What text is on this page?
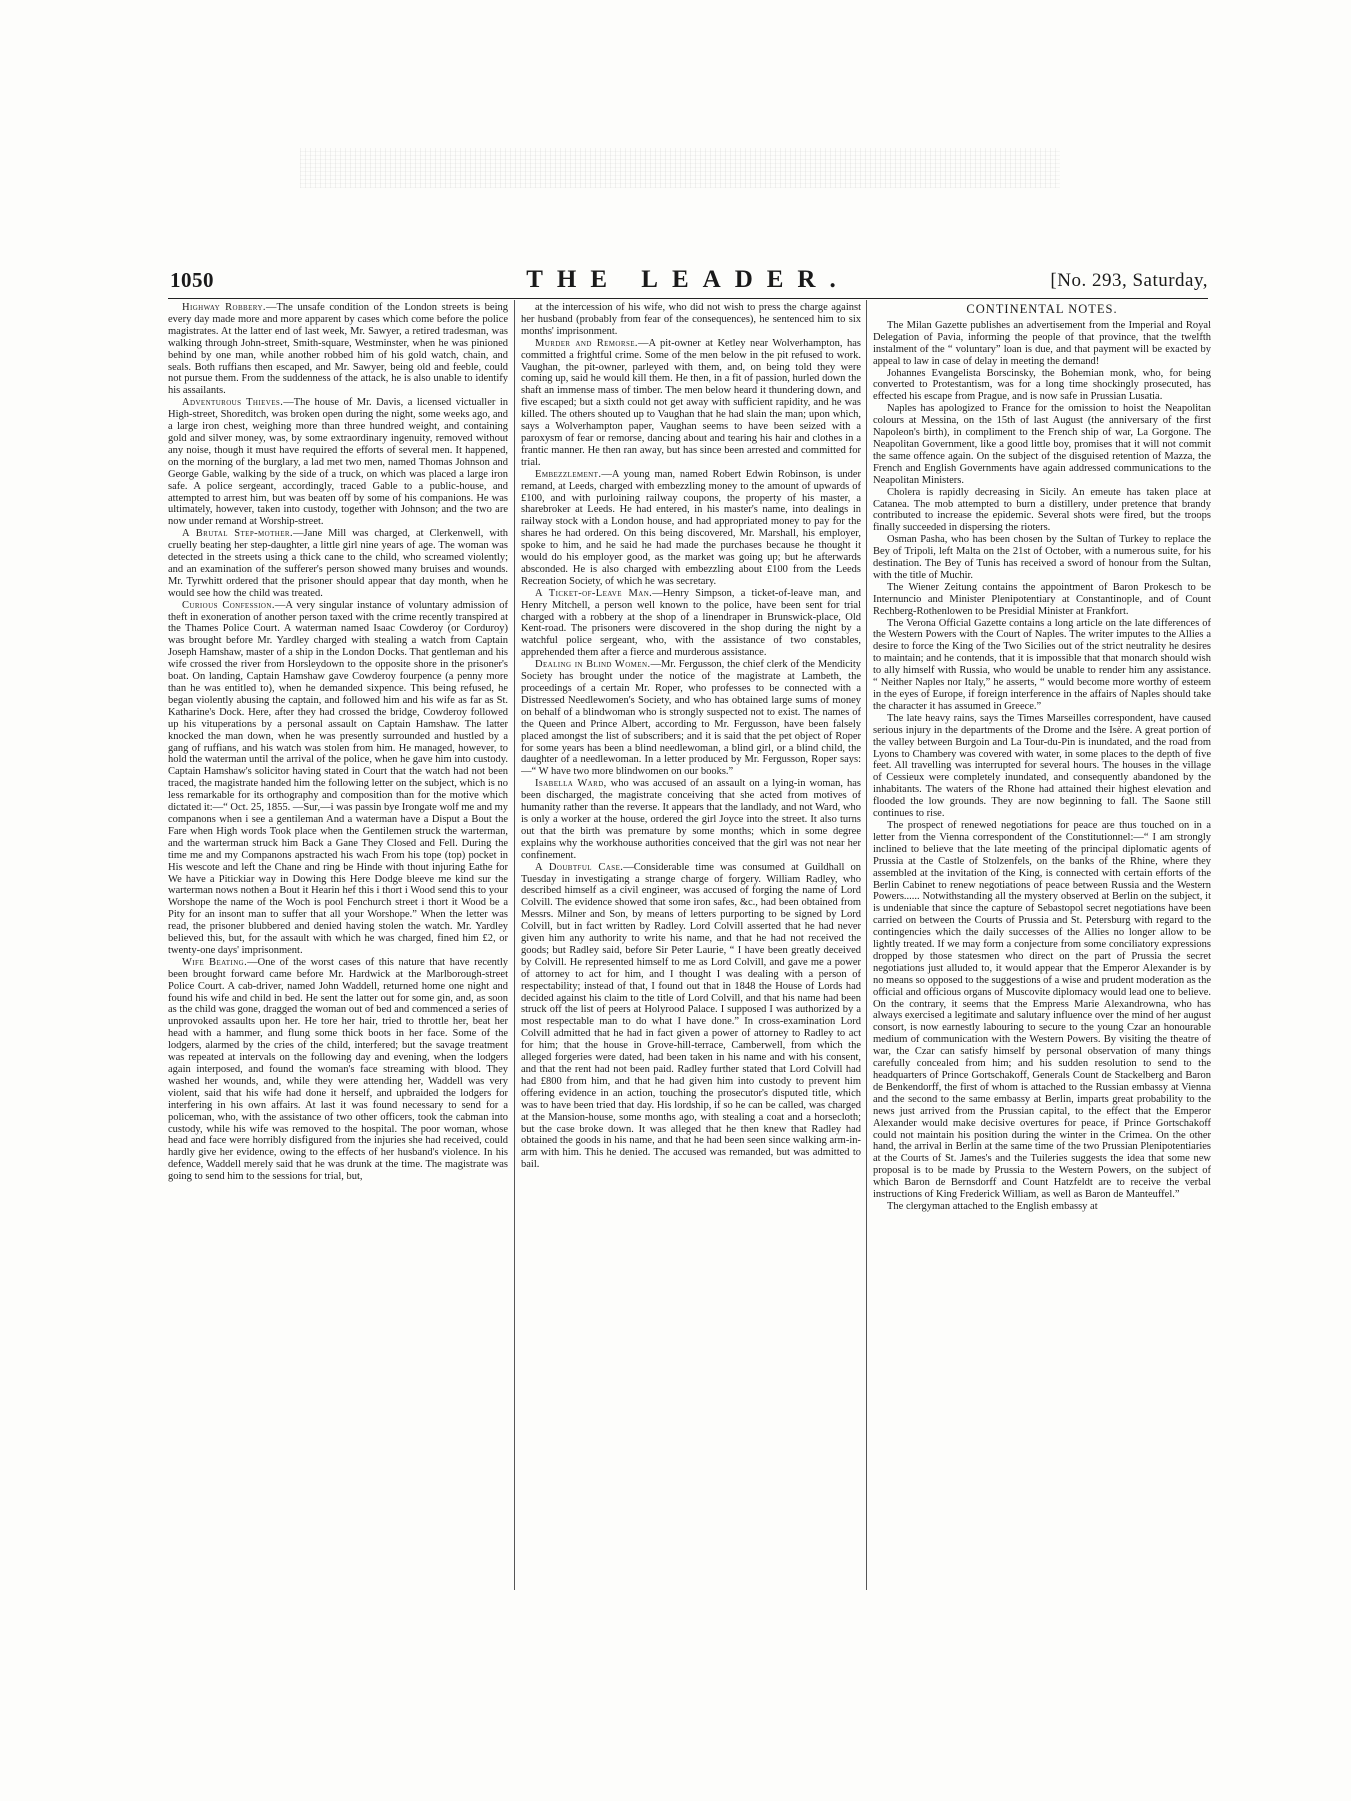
1050	THE LEADER.	[No. 293, Saturday,

Highway Robbery.—The unsafe condition of the London streets is being every day made more and more apparent by cases which come before the police magistrates. At the latter end of last week, Mr. Sawyer, a retired tradesman, was walking through John-street, Smith-square, Westminster, when he was pinioned behind by one man, while another robbed him of his gold watch, chain, and seals. Both ruffians then escaped, and Mr. Sawyer, being old and feeble, could not pursue them. From the suddenness of the attack, he is also unable to identify his assailants.

Adventurous Thieves.—The house of Mr. Davis, a licensed victualler in High-street, Shoreditch, was broken open during the night, some weeks ago, and a large iron chest, weighing more than three hundred weight, and containing gold and silver money, was, by some extraordinary ingenuity, removed without any noise, though it must have required the efforts of several men. It happened, on the morning of the burglary, a lad met two men, named Thomas Johnson and George Gable, walking by the side of a truck, on which was placed a large iron safe. A police sergeant, accordingly, traced Gable to a public-house, and attempted to arrest him, but was beaten off by some of his companions. He was ultimately, however, taken into custody, together with Johnson; and the two are now under remand at Worship-street.

A Brutal Step-mother.—Jane Mill was charged, at Clerkenwell, with cruelly beating her step-daughter, a little girl nine years of age. The woman was detected in the streets using a thick cane to the child, who screamed violently; and an examination of the sufferer's person showed many bruises and wounds. Mr. Tyrwhitt ordered that the prisoner should appear that day month, when he would see how the child was treated.

Curious Confession.—A very singular instance of voluntary admission of theft in exoneration of another person taxed with the crime recently transpired at the Thames Police Court. A waterman named Isaac Cowderoy (or Corduroy) was brought before Mr. Yardley charged with stealing a watch from Captain Joseph Hamshaw, master of a ship in the London Docks. That gentleman and his wife crossed the river from Horsleydown to the opposite shore in the prisoner's boat. On landing, Captain Hamshaw gave Cowderoy fourpence (a penny more than he was entitled to), when he demanded sixpence. This being refused, he began violently abusing the captain, and followed him and his wife as far as St. Katharine's Dock. Here, after they had crossed the bridge, Cowderoy followed up his vituperations by a personal assault on Captain Hamshaw. The latter knocked the man down, when he was presently surrounded and hustled by a gang of ruffians, and his watch was stolen from him. He managed, however, to hold the waterman until the arrival of the police, when he gave him into custody. Captain Hamshaw's solicitor having stated in Court that the watch had not been traced, the magistrate handed him the following letter on the subject, which is no less remarkable for its orthography and composition than for the motive which dictated it:—“ Oct. 25, 1855. —Sur,—i was passin bye Irongate wolf me and my companons when i see a gentileman And a waterman have a Disput a Bout the Fare when High words Took place when the Gentilemen struck the warterman, and the warterman struck him Back a Gane They Closed and Fell. During the time me and my Companons apstracted his wach From his tope (top) pocket in His wescote and left the Chane and ring be Hinde with thout injuring Eathe for We have a Pitickiar way in Dowing this Here Dodge bleeve me kind sur the warterman nows nothen a Bout it Hearin hef this i thort i Wood send this to your Worshope the name of the Woch is pool Fenchurch street i thort it Wood be a Pity for an insont man to suffer that all your Worshope.” When the letter was read, the prisoner blubbered and denied having stolen the watch. Mr. Yardley believed this, but, for the assault with which he was charged, fined him £2, or twenty-one days' imprisonment.

Wife Beating.—One of the worst cases of this nature that have recently been brought forward came before Mr. Hardwick at the Marlborough-street Police Court. A cab-driver, named John Waddell, returned home one night and found his wife and child in bed. He sent the latter out for some gin, and, as soon as the child was gone, dragged the woman out of bed and commenced a series of unprovoked assaults upon her. He tore her hair, tried to throttle her, beat her head with a hammer, and flung some thick boots in her face. Some of the lodgers, alarmed by the cries of the child, interfered; but the savage treatment was repeated at intervals on the following day and evening, when the lodgers again interposed, and found the woman's face streaming with blood. They washed her wounds, and, while they were attending her, Waddell was very violent, said that his wife had done it herself, and upbraided the lodgers for interfering in his own affairs. At last it was found necessary to send for a policeman, who, with the assistance of two other officers, took the cabman into custody, while his wife was removed to the hospital. The poor woman, whose head and face were horribly disfigured from the injuries she had received, could hardly give her evidence, owing to the effects of her husband's violence. In his defence, Waddell merely said that he was drunk at the time. The magistrate was going to send him to the sessions for trial, but,

at the intercession of his wife, who did not wish to press the charge against her husband (probably from fear of the consequences), he sentenced him to six months' imprisonment.

Murder and Remorse.—A pit-owner at Ketley near Wolverhampton, has committed a frightful crime. Some of the men below in the pit refused to work. Vaughan, the pit-owner, parleyed with them, and, on being told they were coming up, said he would kill them. He then, in a fit of passion, hurled down the shaft an immense mass of timber. The men below heard it thundering down, and five escaped; but a sixth could not get away with sufficient rapidity, and he was killed. The others shouted up to Vaughan that he had slain the man; upon which, says a Wolverhampton paper, Vaughan seems to have been seized with a paroxysm of fear or remorse, dancing about and tearing his hair and clothes in a frantic manner. He then ran away, but has since been arrested and committed for trial.

Embezzlement.—A young man, named Robert Edwin Robinson, is under remand, at Leeds, charged with embezzling money to the amount of upwards of £100, and with purloining railway coupons, the property of his master, a sharebroker at Leeds. He had entered, in his master's name, into dealings in railway stock with a London house, and had appropriated money to pay for the shares he had ordered. On this being discovered, Mr. Marshall, his employer, spoke to him, and he said he had made the purchases because he thought it would do his employer good, as the market was going up; but he afterwards absconded. He is also charged with embezzling about £100 from the Leeds Recreation Society, of which he was secretary.

A Ticket-of-Leave Man.—Henry Simpson, a ticket-of-leave man, and Henry Mitchell, a person well known to the police, have been sent for trial charged with a robbery at the shop of a linendraper in Brunswick-place, Old Kent-road. The prisoners were discovered in the shop during the night by a watchful police sergeant, who, with the assistance of two constables, apprehended them after a fierce and murderous assistance.

Dealing in Blind Women.—Mr. Fergusson, the chief clerk of the Mendicity Society has brought under the notice of the magistrate at Lambeth, the proceedings of a certain Mr. Roper, who professes to be connected with a Distressed Needlewomen's Society, and who has obtained large sums of money on behalf of a blindwoman who is strongly suspected not to exist. The names of the Queen and Prince Albert, according to Mr. Fergusson, have been falsely placed amongst the list of subscribers; and it is said that the pet object of Roper for some years has been a blind needlewoman, a blind girl, or a blind child, the daughter of a needlewoman. In a letter produced by Mr. Fergusson, Roper says:—“ W have two more blindwomen on our books.”

Isabella Ward, who was accused of an assault on a lying-in woman, has been discharged, the magistrate conceiving that she acted from motives of humanity rather than the reverse. It appears that the landlady, and not Ward, who is only a worker at the house, ordered the girl Joyce into the street. It also turns out that the birth was premature by some months; which in some degree explains why the workhouse authorities conceived that the girl was not near her confinement.

A Doubtful Case.—Considerable time was consumed at Guildhall on Tuesday in investigating a strange charge of forgery. William Radley, who described himself as a civil engineer, was accused of forging the name of Lord Colvill. The evidence showed that some iron safes, &c., had been obtained from Messrs. Milner and Son, by means of letters purporting to be signed by Lord Colvill, but in fact written by Radley. Lord Colvill asserted that he had never given him any authority to write his name, and that he had not received the goods; but Radley said, before Sir Peter Laurie, “ I have been greatly deceived by Colvill. He represented himself to me as Lord Colvill, and gave me a power of attorney to act for him, and I thought I was dealing with a person of respectability; instead of that, I found out that in 1848 the House of Lords had decided against his claim to the title of Lord Colvill, and that his name had been struck off the list of peers at Holyrood Palace. I supposed I was authorized by a most respectable man to do what I have done.” In cross-examination Lord Colvill admitted that he had in fact given a power of attorney to Radley to act for him; that the house in Grove-hill-terrace, Camberwell, from which the alleged forgeries were dated, had been taken in his name and with his consent, and that the rent had not been paid. Radley further stated that Lord Colvill had had £800 from him, and that he had given him into custody to prevent him offering evidence in an action, touching the prosecutor's disputed title, which was to have been tried that day. His lordship, if so he can be called, was charged at the Mansion-house, some months ago, with stealing a coat and a horsecloth; but the case broke down. It was alleged that he then knew that Radley had obtained the goods in his name, and that he had been seen since walking arm-in-arm with him. This he denied. The accused was remanded, but was admitted to bail.

CONTINENTAL NOTES.

The Milan Gazette publishes an advertisement from the Imperial and Royal Delegation of Pavia, informing the people of that province, that the twelfth instalment of the “ voluntary” loan is due, and that payment will be exacted by appeal to law in case of delay in meeting the demand!

Johannes Evangelista Borscinsky, the Bohemian monk, who, for being converted to Protestantism, was for a long time shockingly prosecuted, has effected his escape from Prague, and is now safe in Prussian Lusatia.

Naples has apologized to France for the omission to hoist the Neapolitan colours at Messina, on the 15th of last August (the anniversary of the first Napoleon's birth), in compliment to the French ship of war, La Gorgone. The Neapolitan Government, like a good little boy, promises that it will not commit the same offence again. On the subject of the disguised retention of Mazza, the French and English Governments have again addressed communications to the Neapolitan Ministers.

Cholera is rapidly decreasing in Sicily. An emeute has taken place at Catanea. The mob attempted to burn a distillery, under pretence that brandy contributed to increase the epidemic. Several shots were fired, but the troops finally succeeded in dispersing the rioters.

Osman Pasha, who has been chosen by the Sultan of Turkey to replace the Bey of Tripoli, left Malta on the 21st of October, with a numerous suite, for his destination. The Bey of Tunis has received a sword of honour from the Sultan, with the title of Muchir.

The Wiener Zeitung contains the appointment of Baron Prokesch to be Internuncio and Minister Plenipotentiary at Constantinople, and of Count Rechberg-Rothenlowen to be Presidial Minister at Frankfort.

The Verona Official Gazette contains a long article on the late differences of the Western Powers with the Court of Naples. The writer imputes to the Allies a desire to force the King of the Two Sicilies out of the strict neutrality he desires to maintain; and he contends, that it is impossible that that monarch should wish to ally himself with Russia, who would be unable to render him any assistance. “ Neither Naples nor Italy,” he asserts, “ would become more worthy of esteem in the eyes of Europe, if foreign interference in the affairs of Naples should take the character it has assumed in Greece.”

The late heavy rains, says the Times Marseilles correspondent, have caused serious injury in the departments of the Drome and the Isère. A great portion of the valley between Burgoin and La Tour-du-Pin is inundated, and the road from Lyons to Chambery was covered with water, in some places to the depth of five feet. All travelling was interrupted for several hours. The houses in the village of Cessieux were completely inundated, and consequently abandoned by the inhabitants. The waters of the Rhone had attained their highest elevation and flooded the low grounds. They are now beginning to fall. The Saone still continues to rise.

The prospect of renewed negotiations for peace are thus touched on in a letter from the Vienna correspondent of the Constitutionnel:—“ I am strongly inclined to believe that the late meeting of the principal diplomatic agents of Prussia at the Castle of Stolzenfels, on the banks of the Rhine, where they assembled at the invitation of the King, is connected with certain efforts of the Berlin Cabinet to renew negotiations of peace between Russia and the Western Powers...... Notwithstanding all the mystery observed at Berlin on the subject, it is undeniable that since the capture of Sebastopol secret negotiations have been carried on between the Courts of Prussia and St. Petersburg with regard to the contingencies which the daily successes of the Allies no longer allow to be lightly treated. If we may form a conjecture from some conciliatory expressions dropped by those statesmen who direct on the part of Prussia the secret negotiations just alluded to, it would appear that the Emperor Alexander is by no means so opposed to the suggestions of a wise and prudent moderation as the official and officious organs of Muscovite diplomacy would lead one to believe. On the contrary, it seems that the Empress Marie Alexandrowna, who has always exercised a legitimate and salutary influence over the mind of her august consort, is now earnestly labouring to secure to the young Czar an honourable medium of communication with the Western Powers. By visiting the theatre of war, the Czar can satisfy himself by personal observation of many things carefully concealed from him; and his sudden resolution to send to the headquarters of Prince Gortschakoff, Generals Count de Stackelberg and Baron de Benkendorff, the first of whom is attached to the Russian embassy at Vienna and the second to the same embassy at Berlin, imparts great probability to the news just arrived from the Prussian capital, to the effect that the Emperor Alexander would make decisive overtures for peace, if Prince Gortschakoff could not maintain his position during the winter in the Crimea. On the other hand, the arrival in Berlin at the same time of the two Prussian Plenipotentiaries at the Courts of St. James's and the Tuileries suggests the idea that some new proposal is to be made by Prussia to the Western Powers, on the subject of which Baron de Bernsdorff and Count Hatzfeldt are to receive the verbal instructions of King Frederick William, as well as Baron de Manteuffel.”

The clergyman attached to the English embassy at
